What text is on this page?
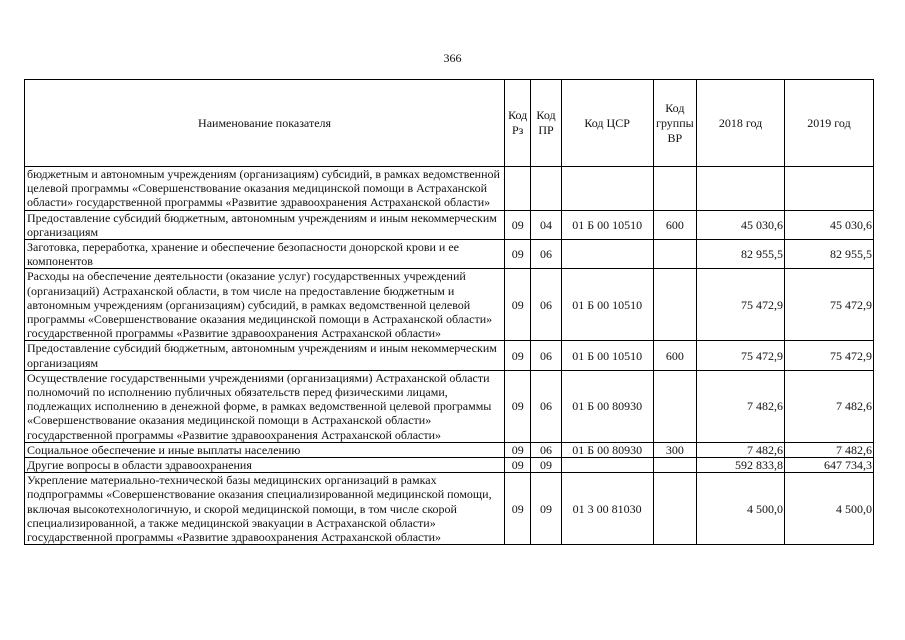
366
Наименование показателя	Код Рз	Код ПР	Код ЦСР	Код группы ВР	2018 год	2019 год
бюджетным и автономным учреждениям (организациям) субсидий, в рамках ведомственной целевой программы «Совершенствование оказания медицинской помощи в Астраханской области» государственной программы «Развитие здравоохранения Астраханской области»						
Предоставление субсидий бюджетным, автономным учреждениям и иным некоммерческим организациям	09	04	01 Б 00 10510	600	45 030,6	45 030,6
Заготовка, переработка, хранение и обеспечение безопасности донорской крови и ее компонентов	09	06			82 955,5	82 955,5
Расходы на обеспечение деятельности (оказание услуг) государственных учреждений (организаций) Астраханской области, в том числе на предоставление бюджетным и автономным учреждениям (организациям) субсидий, в рамках ведомственной целевой программы «Совершенствование оказания медицинской помощи в Астраханской области» государственной программы «Развитие здравоохранения Астраханской области»	09	06	01 Б 00 10510		75 472,9	75 472,9
Предоставление субсидий бюджетным, автономным учреждениям и иным некоммерческим организациям	09	06	01 Б 00 10510	600	75 472,9	75 472,9
Осуществление государственными учреждениями (организациями) Астраханской области полномочий по исполнению публичных обязательств перед физическими лицами, подлежащих исполнению в денежной форме, в рамках ведомственной целевой программы «Совершенствование оказания медицинской помощи в Астраханской области» государственной программы «Развитие здравоохранения Астраханской области»	09	06	01 Б 00 80930		7 482,6	7 482,6
Социальное обеспечение и иные выплаты населению	09	06	01 Б 00 80930	300	7 482,6	7 482,6
Другие вопросы в области здравоохранения	09	09			592 833,8	647 734,3
Укрепление материально-технической базы медицинских организаций в рамках подпрограммы «Совершенствование оказания специализированной медицинской помощи, включая высокотехнологичную, и скорой медицинской помощи, в том числе скорой специализированной, а также медицинской эвакуации в Астраханской области» государственной программы «Развитие здравоохранения Астраханской области»	09	09	01 3 00 81030		4 500,0	4 500,0
